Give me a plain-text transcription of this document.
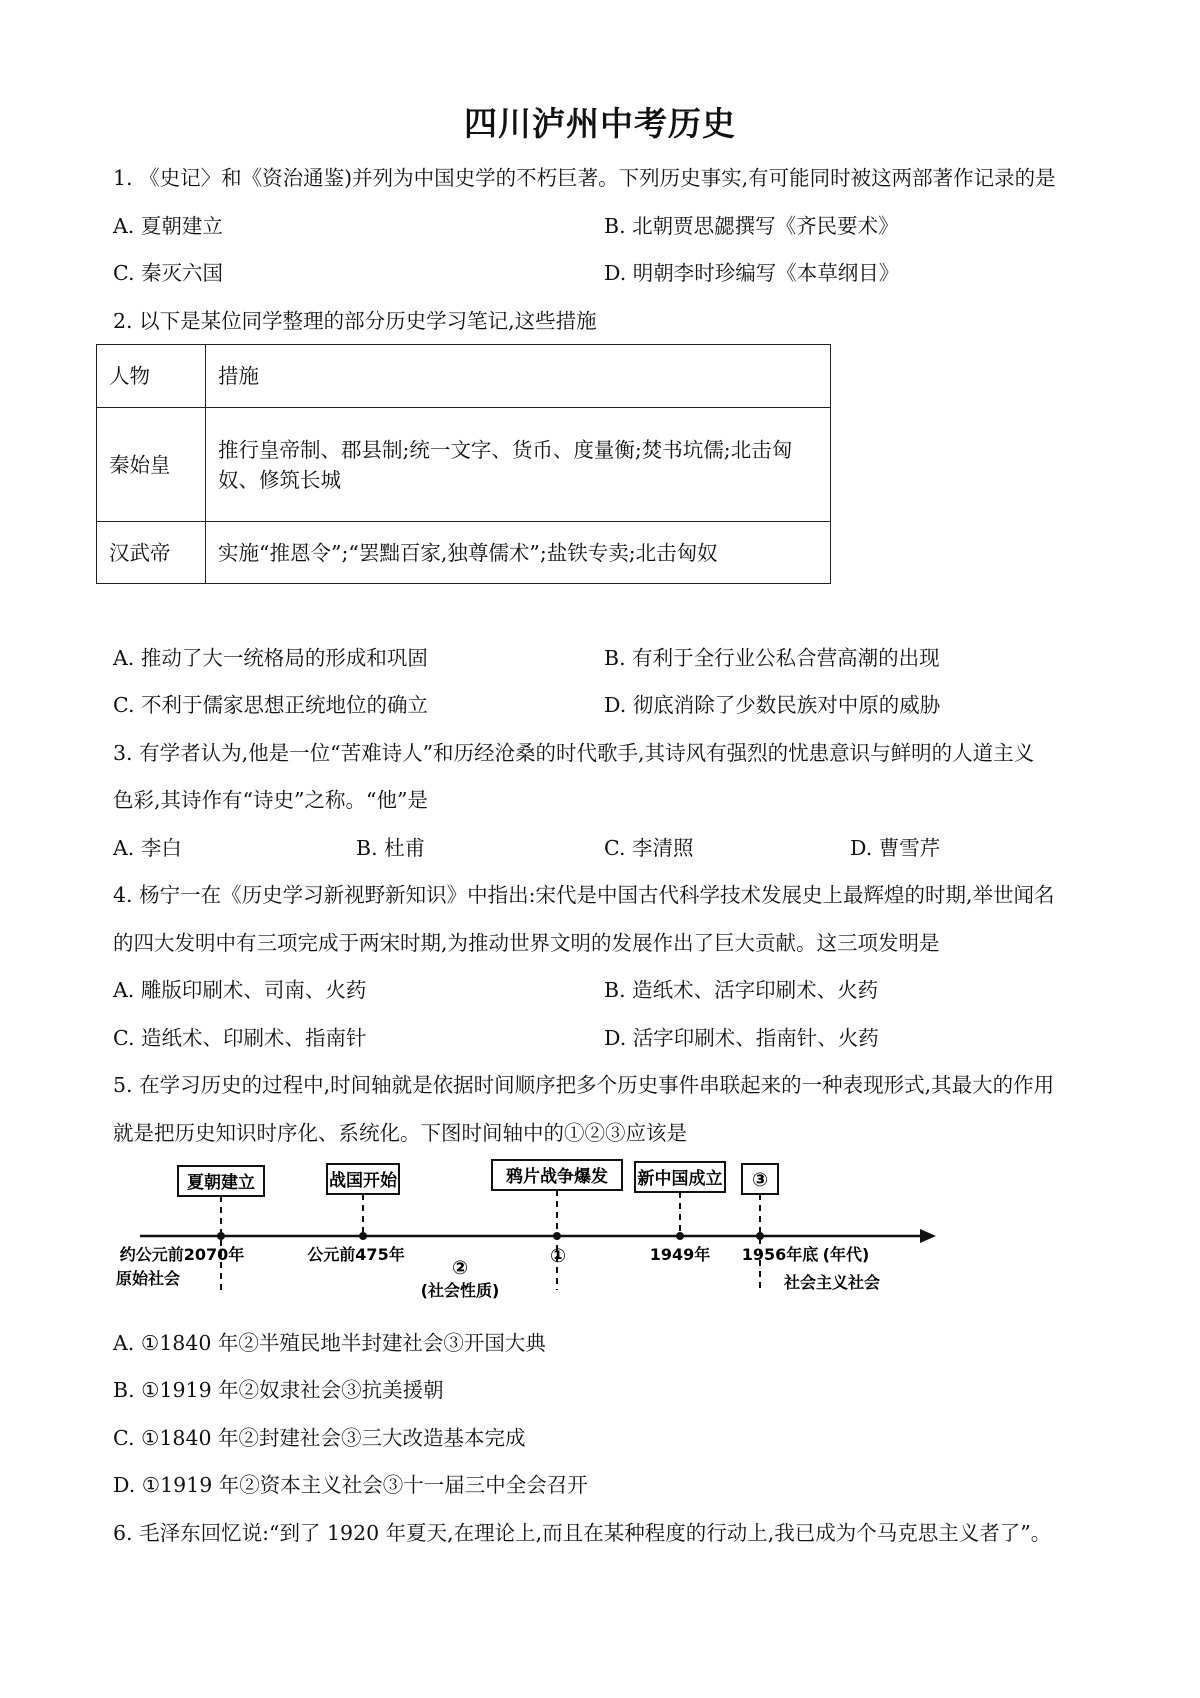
四川泸州中考历史
1. 《史记〉和《资治通鉴)并列为中国史学的不朽巨著。下列历史事实,有可能同时被这两部著作记录的是
A. 夏朝建立	B. 北朝贾思勰撰写《齐民要术》
C. 秦灭六国	D. 明朝李时珍编写《本草纲目》
2. 以下是某位同学整理的部分历史学习笔记,这些措施
人物	措施
秦始皇	推行皇帝制、郡县制;统一文字、货币、度量衡;焚书坑儒;北击匈奴、修筑长城

汉武帝	实施“推恩令”;“罢黜百家,独尊儒术”;盐铁专卖;北击匈奴
A. 推动了大一统格局的形成和巩固	B. 有利于全行业公私合营高潮的出现
C. 不利于儒家思想正统地位的确立	D. 彻底消除了少数民族对中原的威胁
3. 有学者认为,他是一位“苦难诗人”和历经沧桑的时代歌手,其诗风有强烈的忧患意识与鲜明的人道主义
色彩,其诗作有“诗史”之称。“他”是
A. 李白	B. 杜甫	C. 李清照	D. 曹雪芹
4. 杨宁一在《历史学习新视野新知识》中指出:宋代是中国古代科学技术发展史上最辉煌的时期,举世闻名
的四大发明中有三项完成于两宋时期,为推动世界文明的发展作出了巨大贡献。这三项发明是
A. 雕版印刷术、司南、火药	B. 造纸术、活字印刷术、火药
C. 造纸术、印刷术、指南针	D. 活字印刷术、指南针、火药
5. 在学习历史的过程中,时间轴就是依据时间顺序把多个历史事件串联起来的一种表现形式,其最大的作用
就是把历史知识时序化、系统化。下图时间轴中的①②③应该是
夏朝建立
约公元前2070年
战国开始
公元前475年
鸦片战争爆发
①
新中国成立
1949年
③
1956年底 (年代)
原始社会	②
(社会性质)	社会主义社会
A. ①1840 年②半殖民地半封建社会③开国大典
B. ①1919 年②奴隶社会③抗美援朝
C. ①1840 年②封建社会③三大改造基本完成
D. ①1919 年②资本主义社会③十一届三中全会召开
6. 毛泽东回忆说:“到了 1920 年夏天,在理论上,而且在某种程度的行动上,我已成为个马克思主义者了”。
